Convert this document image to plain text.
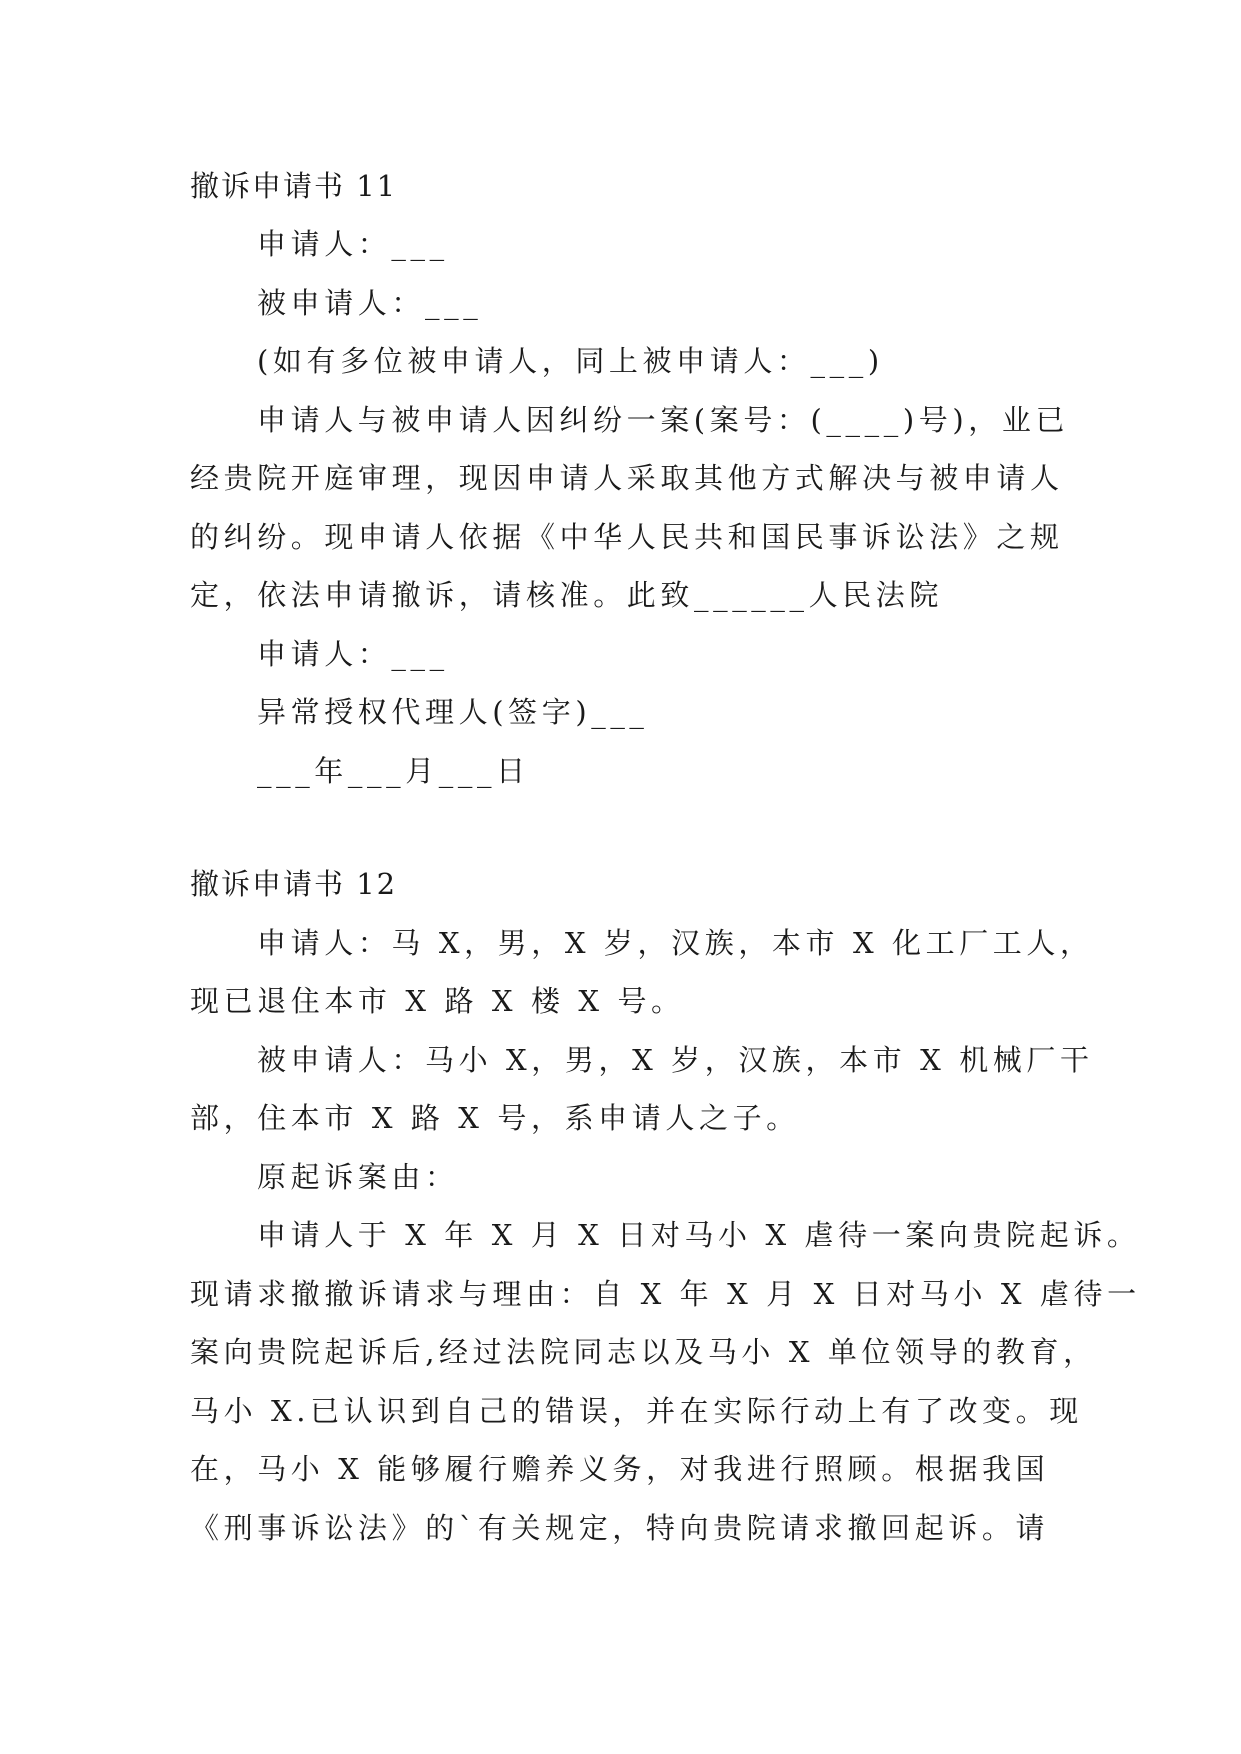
撤诉申请书 11
申请人：___
被申请人：___
(如有多位被申请人，同上被申请人：___)
申请人与被申请人因纠纷一案(案号：(____)号)，业已
经贵院开庭审理，现因申请人采取其他方式解决与被申请人
的纠纷。现申请人依据《中华人民共和国民事诉讼法》之规
定，依法申请撤诉，请核准。此致______人民法院
申请人：___
异常授权代理人(签字)___
___年___月___日
撤诉申请书 12
申请人：马 X，男，X 岁，汉族，本市 X 化工厂工人，
现已退住本市 X 路 X 楼 X 号。
被申请人：马小 X，男，X 岁，汉族，本市 X 机械厂干
部，住本市 X 路 X 号，系申请人之子。
原起诉案由：
申请人于 X 年 X 月 X 日对马小 X 虐待一案向贵院起诉。
现请求撤撤诉请求与理由：自 X 年 X 月 X 日对马小 X 虐待一
案向贵院起诉后,经过法院同志以及马小 X 单位领导的教育，
马小 X.已认识到自己的错误，并在实际行动上有了改变。现
在，马小 X 能够履行赡养义务，对我进行照顾。根据我国
《刑事诉讼法》的`有关规定，特向贵院请求撤回起诉。请
